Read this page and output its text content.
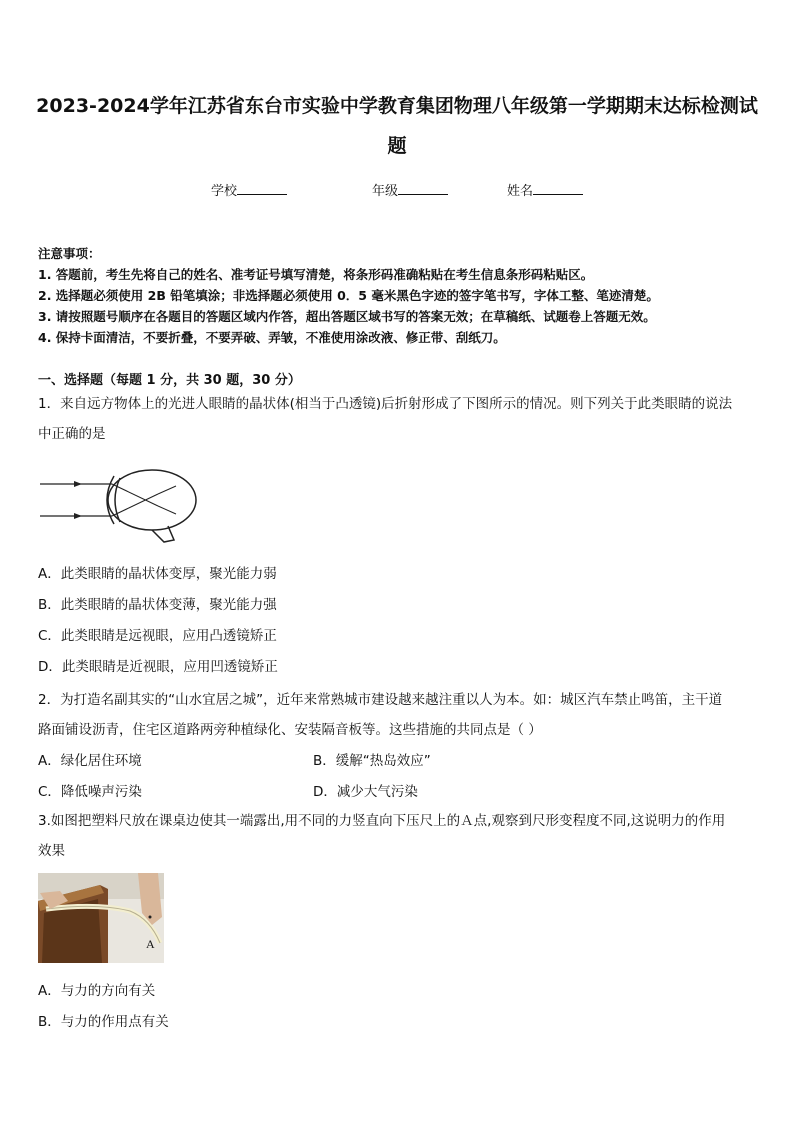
2023-2024学年江苏省东台市实验中学教育集团物理八年级第一学期期末达标检测试
题
学校	年级	姓名
注意事项：
1. 答题前，考生先将自己的姓名、准考证号填写清楚，将条形码准确粘贴在考生信息条形码粘贴区。
2. 选择题必须使用 2B 铅笔填涂；非选择题必须使用 0．5 毫米黑色字迹的签字笔书写，字体工整、笔迹清楚。
3. 请按照题号顺序在各题目的答题区域内作答，超出答题区域书写的答案无效；在草稿纸、试题卷上答题无效。
4. 保持卡面清洁，不要折叠，不要弄破、弄皱，不准使用涂改液、修正带、刮纸刀。
一、选择题（每题 1 分，共 30 题，30 分）
1．来自远方物体上的光进人眼睛的晶状体(相当于凸透镜)后折射形成了下图所示的情况。则下列关于此类眼睛的说法
中正确的是
A．此类眼睛的晶状体变厚，聚光能力弱
B．此类眼睛的晶状体变薄，聚光能力强
C．此类眼睛是远视眼，应用凸透镜矫正
D．此类眼睛是近视眼，应用凹透镜矫正
2．为打造名副其实的“山水宜居之城”，近年来常熟城市建设越来越注重以人为本。如：城区汽车禁止鸣笛，主干道
路面铺设沥青，住宅区道路两旁种植绿化、安装隔音板等。这些措施的共同点是（ ）
A．绿化居住环境	B．缓解“热岛效应”
C．降低噪声污染	D．减少大气污染
3.如图把塑料尺放在课桌边使其一端露出,用不同的力竖直向下压尺上的Ａ点,观察到尺形变程度不同,这说明力的作用
效果
A
A．与力的方向有关
B．与力的作用点有关
